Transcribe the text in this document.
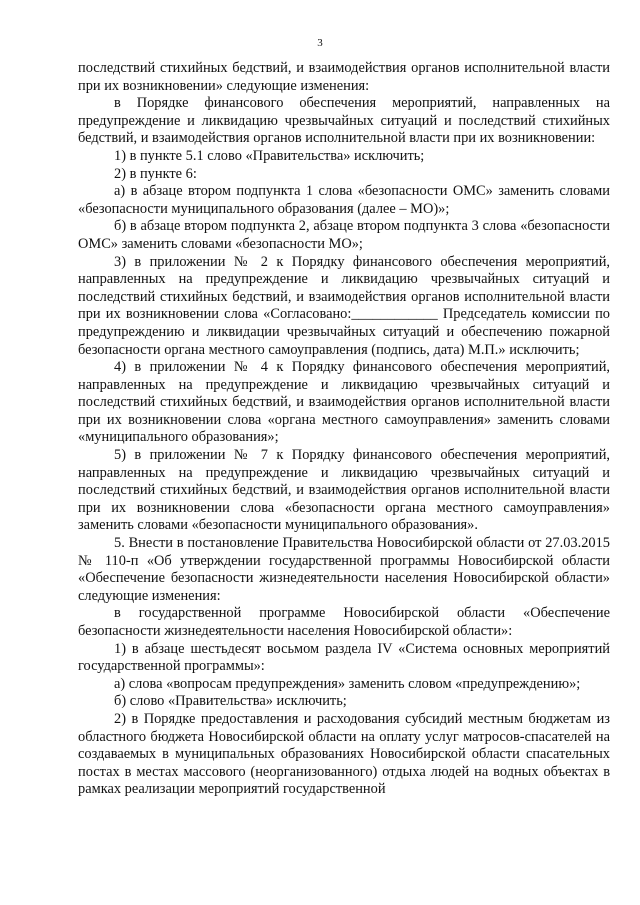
3

последствий стихийных бедствий, и взаимодействия органов исполнительной власти при их возникновении» следующие изменения:

в Порядке финансового обеспечения мероприятий, направленных на предупреждение и ликвидацию чрезвычайных ситуаций и последствий стихийных бедствий, и взаимодействия органов исполнительной власти при их возникновении:

1) в пункте 5.1 слово «Правительства» исключить;

2) в пункте 6:

а) в абзаце втором подпункта 1 слова «безопасности ОМС» заменить словами «безопасности муниципального образования (далее – МО)»;

б) в абзаце втором подпункта 2, абзаце втором подпункта 3 слова «безопасности ОМС» заменить словами «безопасности МО»;

3) в приложении № 2 к Порядку финансового обеспечения мероприятий, направленных на предупреждение и ликвидацию чрезвычайных ситуаций и последствий стихийных бедствий, и взаимодействия органов исполнительной власти при их возникновении слова «Согласовано:____________ Председатель комиссии по предупреждению и ликвидации чрезвычайных ситуаций и обеспечению пожарной безопасности органа местного самоуправления (подпись, дата) М.П.» исключить;

4) в приложении № 4 к Порядку финансового обеспечения мероприятий, направленных на предупреждение и ликвидацию чрезвычайных ситуаций и последствий стихийных бедствий, и взаимодействия органов исполнительной власти при их возникновении слова «органа местного самоуправления» заменить словами «муниципального образования»;

5) в приложении № 7 к Порядку финансового обеспечения мероприятий, направленных на предупреждение и ликвидацию чрезвычайных ситуаций и последствий стихийных бедствий, и взаимодействия органов исполнительной власти при их возникновении слова «безопасности органа местного самоуправления» заменить словами «безопасности муниципального образования».

5. Внести в постановление Правительства Новосибирской области от 27.03.2015 № 110-п «Об утверждении государственной программы Новосибирской области «Обеспечение безопасности жизнедеятельности населения Новосибирской области» следующие изменения:

в государственной программе Новосибирской области «Обеспечение безопасности жизнедеятельности населения Новосибирской области»:

1) в абзаце шестьдесят восьмом раздела IV «Система основных мероприятий государственной программы»:

а) слова «вопросам предупреждения» заменить словом «предупреждению»;

б) слово «Правительства» исключить;

2) в Порядке предоставления и расходования субсидий местным бюджетам из областного бюджета Новосибирской области на оплату услуг матросов-спасателей на создаваемых в муниципальных образованиях Новосибирской области спасательных постах в местах массового (неорганизованного) отдыха людей на водных объектах в рамках реализации мероприятий государственной
